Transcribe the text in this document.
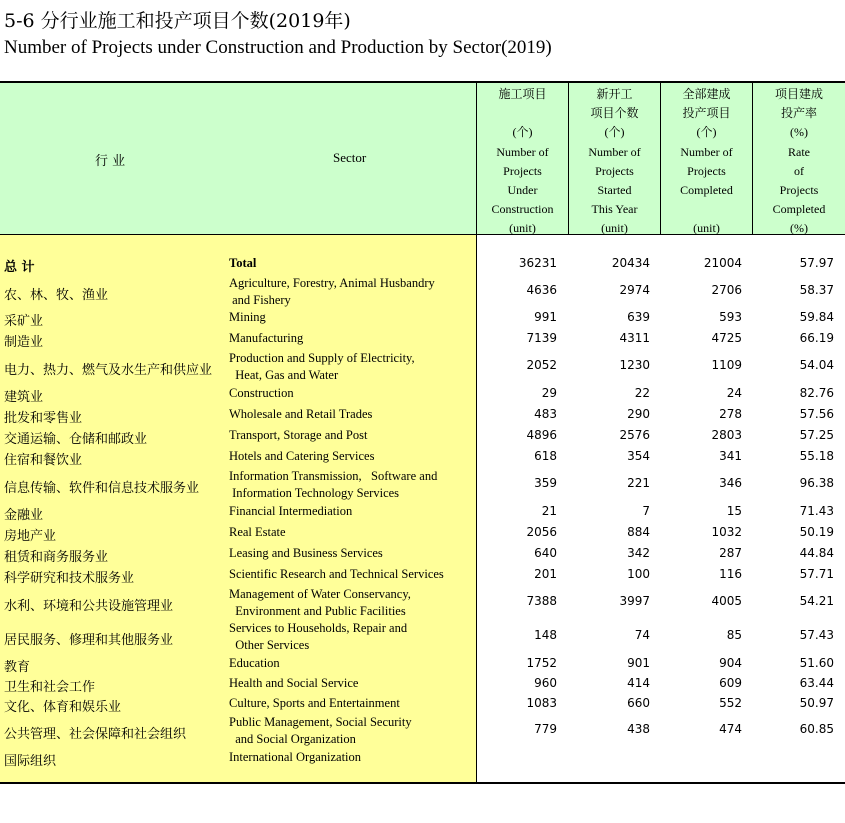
5-6 分行业施工和投产项目个数(2019年)
Number of Projects under Construction and Production by Sector(2019)
行 业	Sector
施工项目
(个)
Number of
Projects
Under
Construction
(unit)
新开工
项目个数
(个)
Number of
Projects
Started
This Year
(unit)
全部建成
投产项目
(个)
Number of
Projects
Completed
(unit)
项目建成
投产率
(%)
Rate
of
Projects
Completed
(%)
总 计	Total	36231	20434	21004	57.97
农、林、牧、渔业
Agriculture, Forestry, Animal Husbandry
and Fishery
4636	2974	2706	58.37
采矿业	Mining	991	639	593	59.84
制造业	Manufacturing	7139	4311	4725	66.19
电力、热力、燃气及水生产和供应业
Production and Supply of Electricity,
Heat, Gas and Water
2052	1230	1109	54.04
建筑业	Construction	29	22	24	82.76
批发和零售业	Wholesale and Retail Trades	483	290	278	57.56
交通运输、仓储和邮政业	Transport, Storage and Post	4896	2576	2803	57.25
住宿和餐饮业	Hotels and Catering Services	618	354	341	55.18
信息传输、软件和信息技术服务业
Information Transmission,   Software and
Information Technology Services
359	221	346	96.38
金融业	Financial Intermediation	21	7	15	71.43
房地产业	Real Estate	2056	884	1032	50.19
租赁和商务服务业	Leasing and Business Services	640	342	287	44.84
科学研究和技术服务业	Scientific Research and Technical Services	201	100	116	57.71
水利、环境和公共设施管理业
Management of Water Conservancy,
Environment and Public Facilities
7388	3997	4005	54.21
居民服务、修理和其他服务业
Services to Households, Repair and
Other Services
148	74	85	57.43
教育	Education	1752	901	904	51.60
卫生和社会工作	Health and Social Service	960	414	609	63.44
文化、体育和娱乐业	Culture, Sports and Entertainment	1083	660	552	50.97
公共管理、社会保障和社会组织
Public Management, Social Security
and Social Organization
779	438	474	60.85
国际组织	International Organization
